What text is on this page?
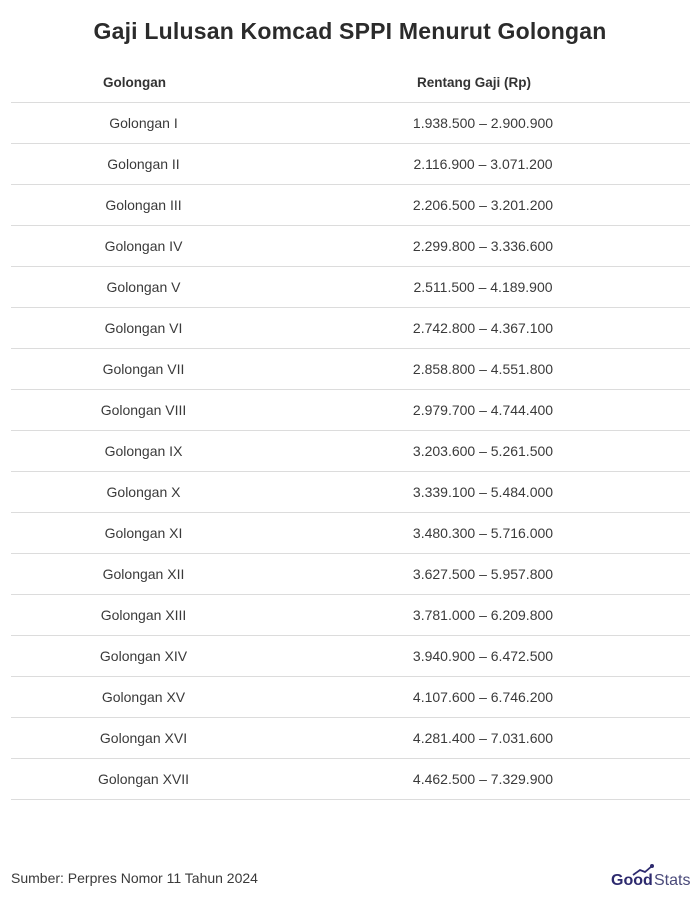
Gaji Lulusan Komcad SPPI Menurut Golongan
Golongan	Rentang Gaji (Rp)
Golongan I	1.938.500 – 2.900.900
Golongan II	2.116.900 – 3.071.200
Golongan III	2.206.500 – 3.201.200
Golongan IV	2.299.800 – 3.336.600
Golongan V	2.511.500 – 4.189.900
Golongan VI	2.742.800 – 4.367.100
Golongan VII	2.858.800 – 4.551.800
Golongan VIII	2.979.700 – 4.744.400
Golongan IX	3.203.600 – 5.261.500
Golongan X	3.339.100 – 5.484.000
Golongan XI	3.480.300 – 5.716.000
Golongan XII	3.627.500 – 5.957.800
Golongan XIII	3.781.000 – 6.209.800
Golongan XIV	3.940.900 – 6.472.500
Golongan XV	4.107.600 – 6.746.200
Golongan XVI	4.281.400 – 7.031.600
Golongan XVII	4.462.500 – 7.329.900
Sumber: Perpres Nomor 11 Tahun 2024	Good Stats
